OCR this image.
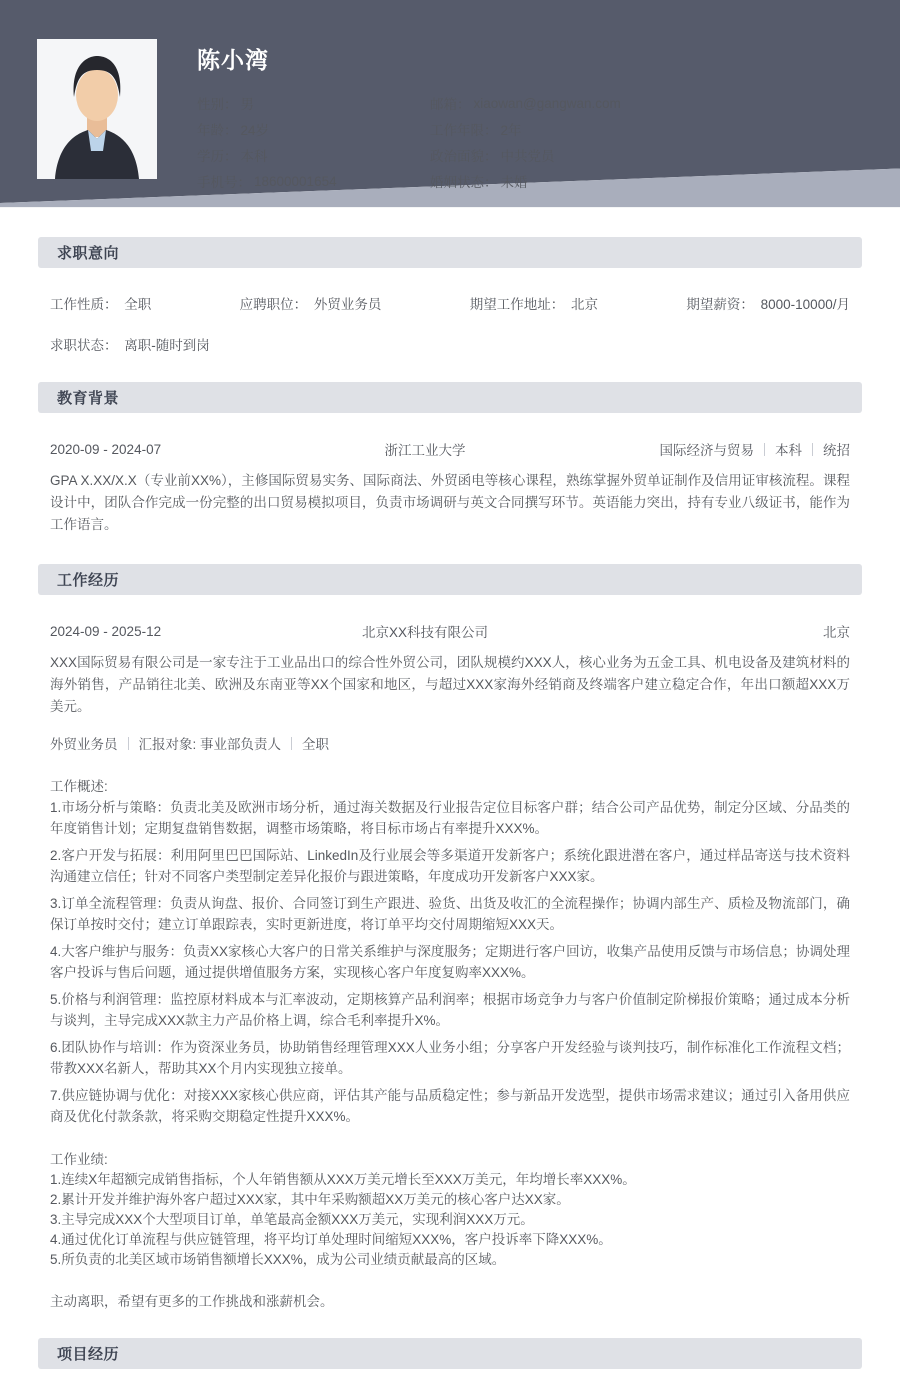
陈小湾
性别： 男
年龄： 24岁
学历： 本科
手机号： 18600001654
邮箱： xiaowan@gangwan.com
工作年限： 2年
政治面貌： 中共党员
婚姻状态： 未婚
求职意向
工作性质： 全职	应聘职位： 外贸业务员	期望工作地址： 北京	期望薪资： 8000-10000/月
求职状态： 离职-随时到岗
教育背景
2020-09 - 2024-07	浙江工业大学	国际经济与贸易 本科 统招

GPA X.XX/X.X（专业前XX%），主修国际贸易实务、国际商法、外贸函电等核心课程，熟练掌握外贸单证制作及信用证审核流程。课程设计中，团队合作完成一份完整的出口贸易模拟项目，负责市场调研与英文合同撰写环节。英语能力突出，持有专业八级证书，能作为工作语言。

工作经历
2024-09 - 2025-12	北京XX科技有限公司	北京

XXX国际贸易有限公司是一家专注于工业品出口的综合性外贸公司，团队规模约XXX人，核心业务为五金工具、机电设备及建筑材料的海外销售，产品销往北美、欧洲及东南亚等XX个国家和地区，与超过XXX家海外经销商及终端客户建立稳定合作，年出口额超XXX万美元。

外贸业务员 汇报对象: 事业部负责人 全职
工作概述:

1.市场分析与策略：负责北美及欧洲市场分析，通过海关数据及行业报告定位目标客户群；结合公司产品优势，制定分区域、分品类的年度销售计划；定期复盘销售数据，调整市场策略，将目标市场占有率提升XXX%。

2.客户开发与拓展：利用阿里巴巴国际站、LinkedIn及行业展会等多渠道开发新客户；系统化跟进潜在客户，通过样品寄送与技术资料沟通建立信任；针对不同客户类型制定差异化报价与跟进策略，年度成功开发新客户XXX家。

3.订单全流程管理：负责从询盘、报价、合同签订到生产跟进、验货、出货及收汇的全流程操作；协调内部生产、质检及物流部门，确保订单按时交付；建立订单跟踪表，实时更新进度，将订单平均交付周期缩短XXX天。

4.大客户维护与服务：负责XX家核心大客户的日常关系维护与深度服务；定期进行客户回访，收集产品使用反馈与市场信息；协调处理客户投诉与售后问题，通过提供增值服务方案，实现核心客户年度复购率XXX%。

5.价格与利润管理：监控原材料成本与汇率波动，定期核算产品利润率；根据市场竞争力与客户价值制定阶梯报价策略；通过成本分析与谈判，主导完成XXX款主力产品价格上调，综合毛利率提升X%。

6.团队协作与培训：作为资深业务员，协助销售经理管理XXX人业务小组；分享客户开发经验与谈判技巧，制作标准化工作流程文档；带教XXX名新人，帮助其XX个月内实现独立接单。

7.供应链协调与优化：对接XXX家核心供应商，评估其产能与品质稳定性；参与新品开发选型，提供市场需求建议；通过引入备用供应商及优化付款条款，将采购交期稳定性提升XXX%。

工作业绩:
1.连续X年超额完成销售指标，个人年销售额从XXX万美元增长至XXX万美元，年均增长率XXX%。
2.累计开发并维护海外客户超过XXX家，其中年采购额超XX万美元的核心客户达XX家。
3.主导完成XXX个大型项目订单，单笔最高金额XXX万美元，实现利润XXX万元。
4.通过优化订单流程与供应链管理，将平均订单处理时间缩短XXX%，客户投诉率下降XXX%。
5.所负责的北美区域市场销售额增长XXX%，成为公司业绩贡献最高的区域。
主动离职，希望有更多的工作挑战和涨薪机会。
项目经历
